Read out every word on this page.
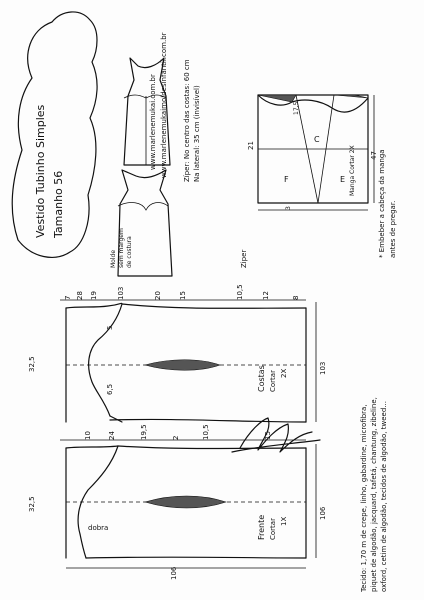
Vestido Tubinho Simples Tamanho 56
www.marlenemukai.com.br www.marlenemukaimoldesinfantil.com.br Zíper: No centro das costas: 60 cm Na lateral: 35 cm (invisível)
Ziper
Molde sem margem de costura
C
F	E
47
21	Manga Cortar 2X
17,5
3	* Embeber a cabeça da manga antes de pregar.
7 28 19	103	20 15	10,5	12	8
103
32,5
6,5
5
Costas Cortar 2X
32,5
106
10 24	19,5	2	10,5	15
dobra	Frente Cortar 1X
106	Tecido: 1,70 m de crepe, linho, gabardine, microfibra, piquet de algodão, jacquard, tafetá, chantung, zibeline, oxford, cetim de algodão, tecidos de algodão, tweed...
